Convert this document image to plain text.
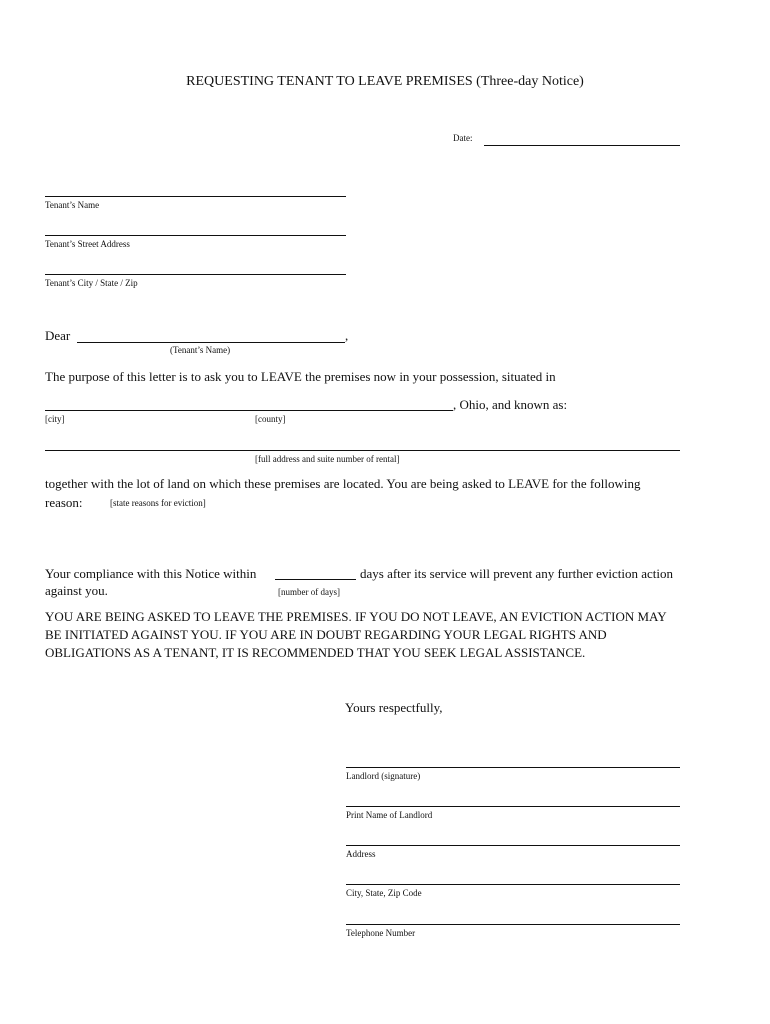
REQUESTING TENANT TO LEAVE PREMISES (Three-day Notice)
Date:
Tenant’s Name
Tenant’s Street Address
Tenant’s City / State / Zip
Dear	,
(Tenant’s Name)
The purpose of this letter is to ask you to LEAVE the premises now in your possession, situated in
, Ohio, and known as:
[city]	[county]
[full address and suite number of rental]
together with the lot of land on which these premises are located. You are being asked to LEAVE for the following
reason:	[state reasons for eviction]
Your compliance with this Notice within	days after its service will prevent any further eviction action
against you.	[number of days]
YOU ARE BEING ASKED TO LEAVE THE PREMISES. IF YOU DO NOT LEAVE, AN EVICTION ACTION MAY
BE INITIATED AGAINST YOU. IF YOU ARE IN DOUBT REGARDING YOUR LEGAL RIGHTS AND
OBLIGATIONS AS A TENANT, IT IS RECOMMENDED THAT YOU SEEK LEGAL ASSISTANCE.
Yours respectfully,
Landlord (signature)
Print Name of Landlord
Address
City, State, Zip Code
Telephone Number
